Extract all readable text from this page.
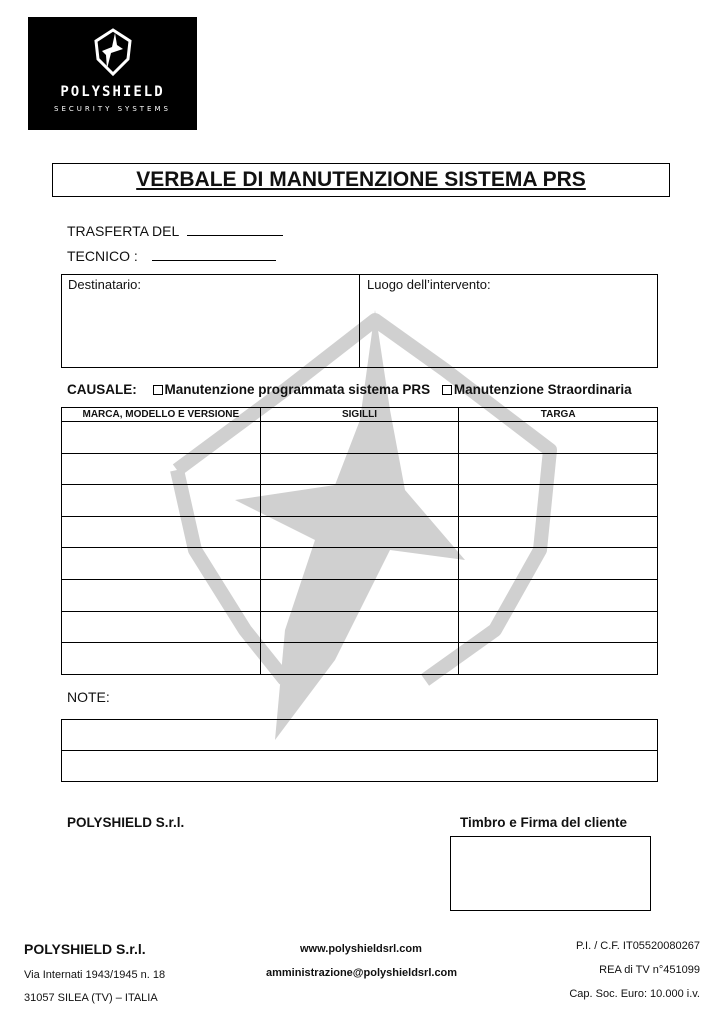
POLYSHIELD
SECURITY SYSTEMS
VERBALE DI MANUTENZIONE SISTEMA PRS
TRASFERTA DEL
TECNICO :
Destinatario:	Luogo dell’intervento:
CAUSALE: Manutenzione programmata sistema PRS Manutenzione Straordinaria
MARCA, MODELLO E VERSIONE	SIGILLI	TARGA

NOTE:

POLYSHIELD S.r.l.	Timbro e Firma del cliente
POLYSHIELD S.r.l.
Via Internati 1943/1945 n. 18
31057 SILEA (TV) – ITALIA
www.polyshieldsrl.com
amministrazione@polyshieldsrl.com
P.I. / C.F. IT05520080267
REA di TV n°451099
Cap. Soc. Euro: 10.000 i.v.
